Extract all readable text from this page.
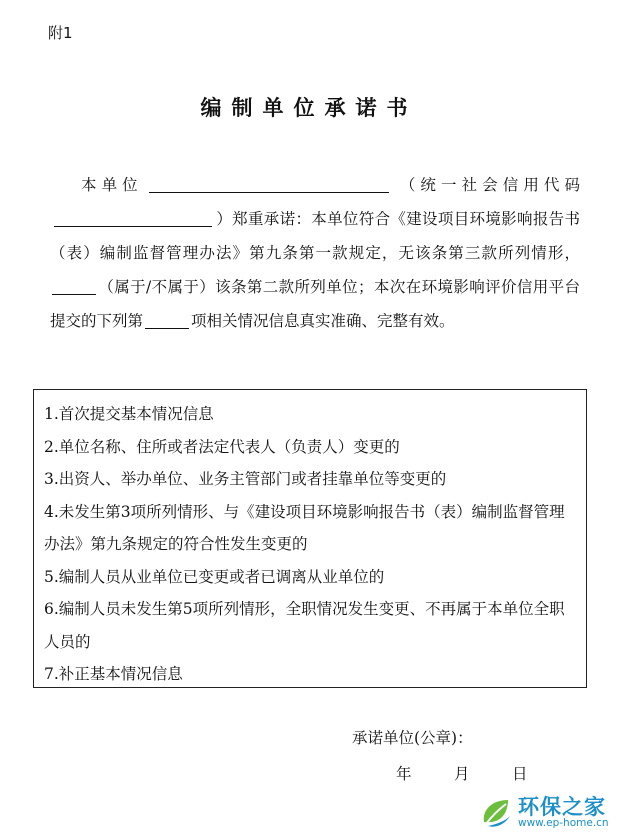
附1
编制单位承诺书
本单位	（统一社会信用代码）郑重承诺：本单位符合《建设项目环境影响报告书（表）编制监督管理办法》第九条第一款规定，无该条第三款所列情形，（属于/不属于）该条第二款所列单位；本次在环境影响评价信用平台提交的下列第	项相关情况信息真实准确、完整有效。
1.首次提交基本情况信息
2.单位名称、住所或者法定代表人（负责人）变更的
3.出资人、举办单位、业务主管部门或者挂靠单位等变更的
4.未发生第3项所列情形、与《建设项目环境影响报告书（表）编制监督管理办法》第九条规定的符合性发生变更的
5.编制人员从业单位已变更或者已调离从业单位的
6.编制人员未发生第5项所列情形，全职情况发生变更、不再属于本单位全职人员的
7.补正基本情况信息
承诺单位(公章)：
年	月	日
环保之家
www.ep-home.cn
